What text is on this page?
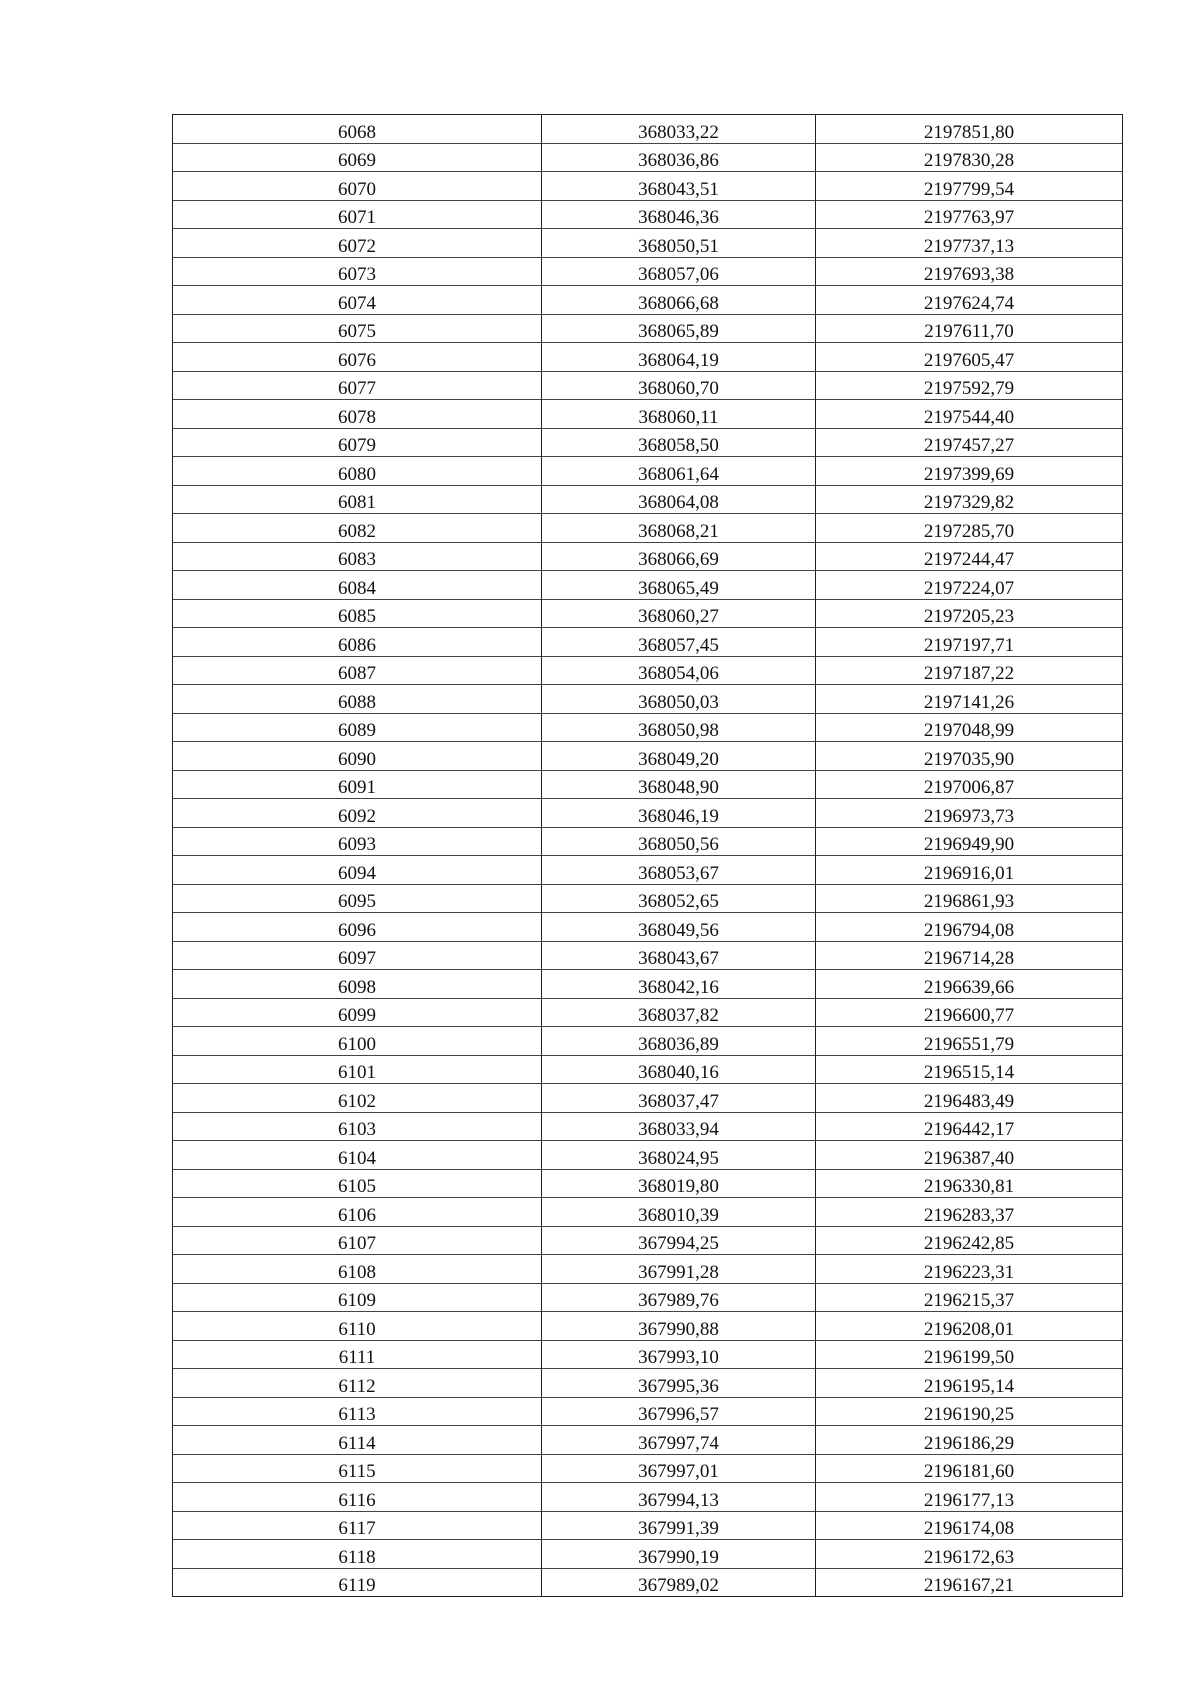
6068	368033,22	2197851,80
6069	368036,86	2197830,28
6070	368043,51	2197799,54
6071	368046,36	2197763,97
6072	368050,51	2197737,13
6073	368057,06	2197693,38
6074	368066,68	2197624,74
6075	368065,89	2197611,70
6076	368064,19	2197605,47
6077	368060,70	2197592,79
6078	368060,11	2197544,40
6079	368058,50	2197457,27
6080	368061,64	2197399,69
6081	368064,08	2197329,82
6082	368068,21	2197285,70
6083	368066,69	2197244,47
6084	368065,49	2197224,07
6085	368060,27	2197205,23
6086	368057,45	2197197,71
6087	368054,06	2197187,22
6088	368050,03	2197141,26
6089	368050,98	2197048,99
6090	368049,20	2197035,90
6091	368048,90	2197006,87
6092	368046,19	2196973,73
6093	368050,56	2196949,90
6094	368053,67	2196916,01
6095	368052,65	2196861,93
6096	368049,56	2196794,08
6097	368043,67	2196714,28
6098	368042,16	2196639,66
6099	368037,82	2196600,77
6100	368036,89	2196551,79
6101	368040,16	2196515,14
6102	368037,47	2196483,49
6103	368033,94	2196442,17
6104	368024,95	2196387,40
6105	368019,80	2196330,81
6106	368010,39	2196283,37
6107	367994,25	2196242,85
6108	367991,28	2196223,31
6109	367989,76	2196215,37
6110	367990,88	2196208,01
6111	367993,10	2196199,50
6112	367995,36	2196195,14
6113	367996,57	2196190,25
6114	367997,74	2196186,29
6115	367997,01	2196181,60
6116	367994,13	2196177,13
6117	367991,39	2196174,08
6118	367990,19	2196172,63
6119	367989,02	2196167,21
